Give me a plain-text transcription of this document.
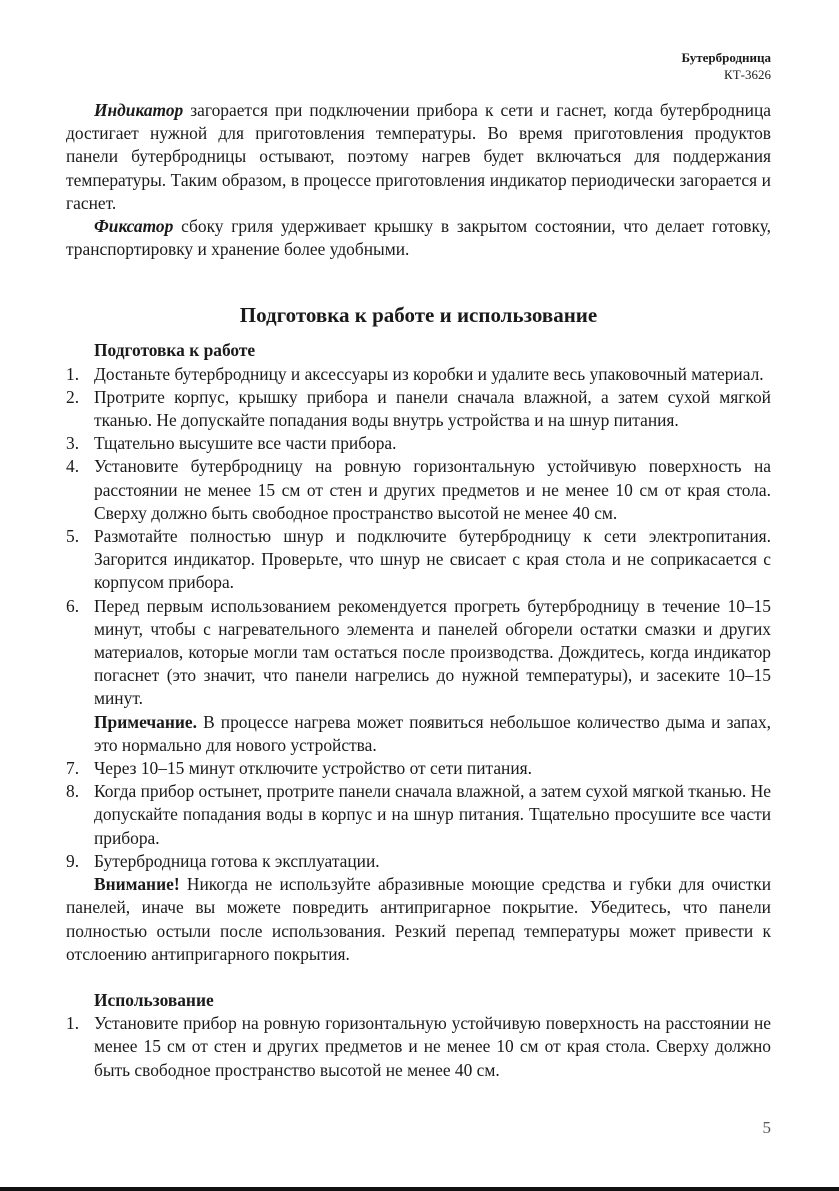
Бутербродница
КТ-3626

Индикатор загорается при подключении прибора к сети и гаснет, когда бутербродница достигает нужной для приготовления температуры. Во время приготовления продуктов панели бутербродницы остывают, поэтому нагрев будет включаться для поддержания температуры. Таким образом, в процессе приготовления индикатор периодически загорается и гаснет.

Фиксатор сбоку гриля удерживает крышку в закрытом состоянии, что делает готовку, транспортировку и хранение более удобными.

Подготовка к работе и использование
Подготовка к работе
1. Достаньте бутербродницу и аксессуары из коробки и удалите весь упаковочный материал.
2. Протрите корпус, крышку прибора и панели сначала влажной, а затем сухой мягкой тканью. Не допускайте попадания воды внутрь устройства и на шнур питания.
3. Тщательно высушите все части прибора.
4. Установите бутербродницу на ровную горизонтальную устойчивую поверхность на расстоянии не менее 15 см от стен и других предметов и не менее 10 см от края стола. Сверху должно быть свободное пространство высотой не менее 40 см.
5. Размотайте полностью шнур и подключите бутербродницу к сети электропитания. Загорится индикатор. Проверьте, что шнур не свисает с края стола и не соприкасается с корпусом прибора.
6. Перед первым использованием рекомендуется прогреть бутербродницу в течение 10–15 минут, чтобы с нагревательного элемента и панелей обгорели остатки смазки и других материалов, которые могли там остаться после производства. Дождитесь, когда индикатор погаснет (это значит, что панели нагрелись до нужной температуры), и засеките 10–15 минут.

Примечание. В процессе нагрева может появиться небольшое количество дыма и запах, это нормально для нового устройства.

7. Через 10–15 минут отключите устройство от сети питания.
8. Когда прибор остынет, протрите панели сначала влажной, а затем сухой мягкой тканью. Не допускайте попадания воды в корпус и на шнур питания. Тщательно просушите все части прибора.
9. Бутербродница готова к эксплуатации.

Внимание! Никогда не используйте абразивные моющие средства и губки для очистки панелей, иначе вы можете повредить антипригарное покрытие. Убедитесь, что панели полностью остыли после использования. Резкий перепад температуры может привести к отслоению антипригарного покрытия.

Использование
1. Установите прибор на ровную горизонтальную устойчивую поверхность на расстоянии не менее 15 см от стен и других предметов и не менее 10 см от края стола. Сверху должно быть свободное пространство высотой не менее 40 см.
5
